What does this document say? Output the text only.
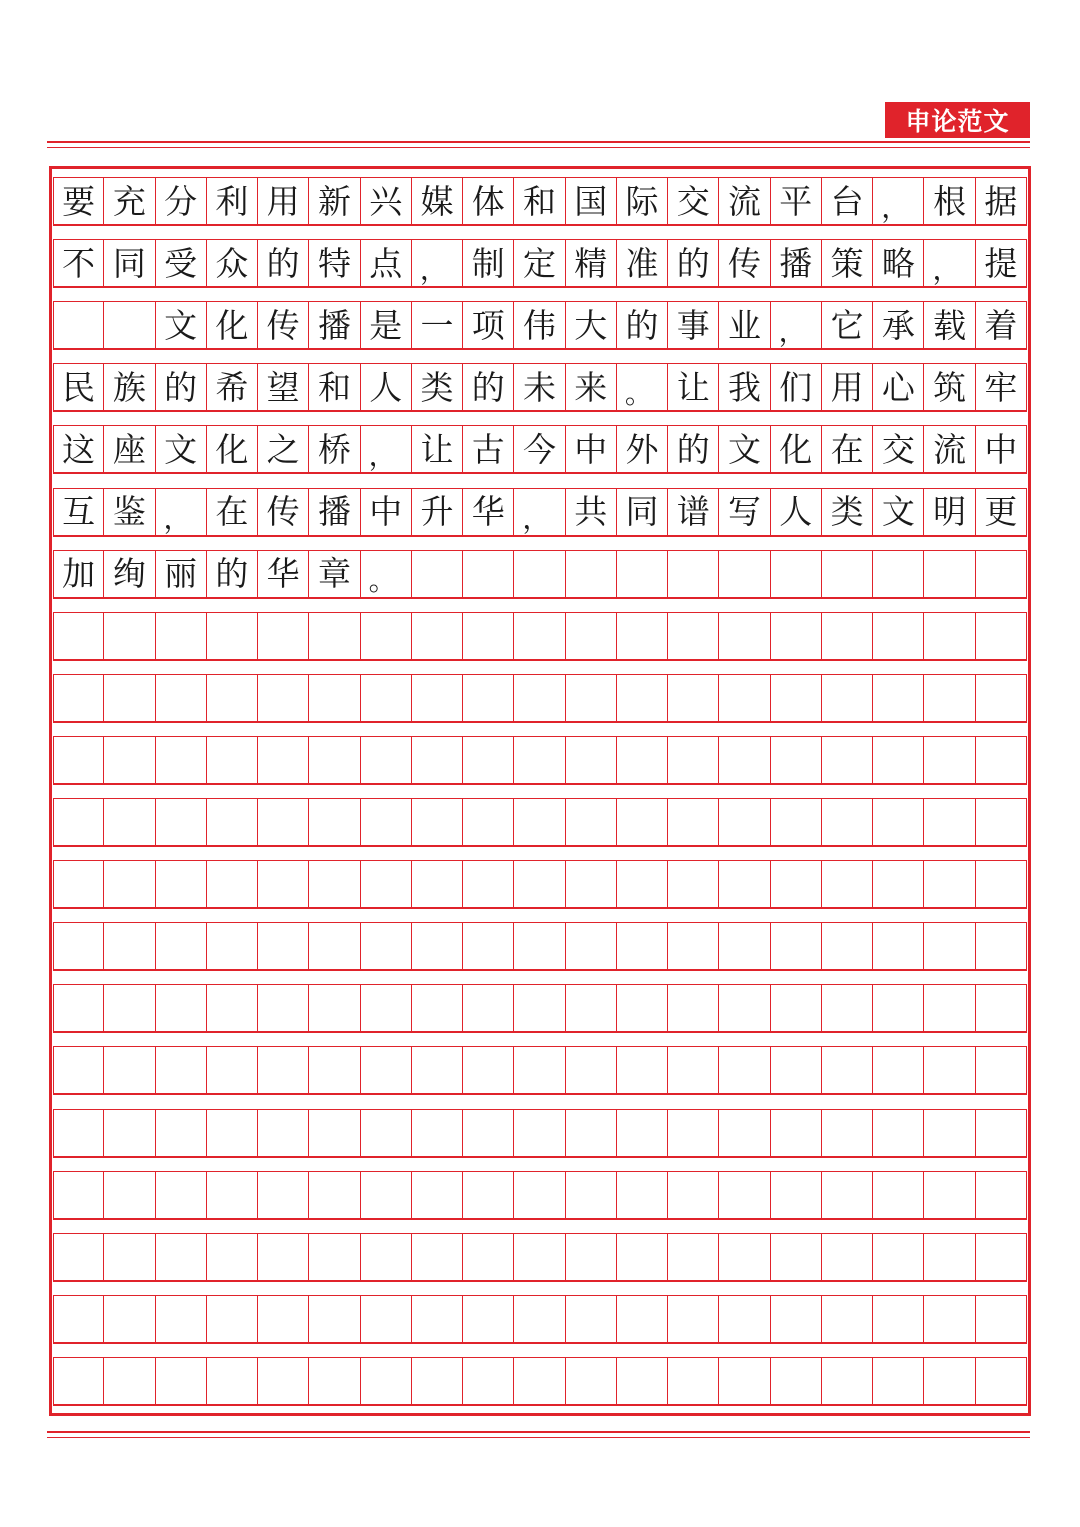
申论范文
要 充 分 利 用 新 兴 媒 体 和 国 际 交 流 平 台 ， 根 据
不 同 受 众 的 特 点 ， 制 定 精 准 的 传 播 策 略 ， 提
文 化 传 播 是 一 项 伟 大 的 事 业 ， 它 承 载 着
民 族 的 希 望 和 人 类 的 未 来 。 让 我 们 用 心 筑 牢
这 座 文 化 之 桥 ， 让 古 今 中 外 的 文 化 在 交 流 中
互 鉴 ， 在 传 播 中 升 华 ， 共 同 谱 写 人 类 文 明 更
加 绚 丽 的 华 章 。
